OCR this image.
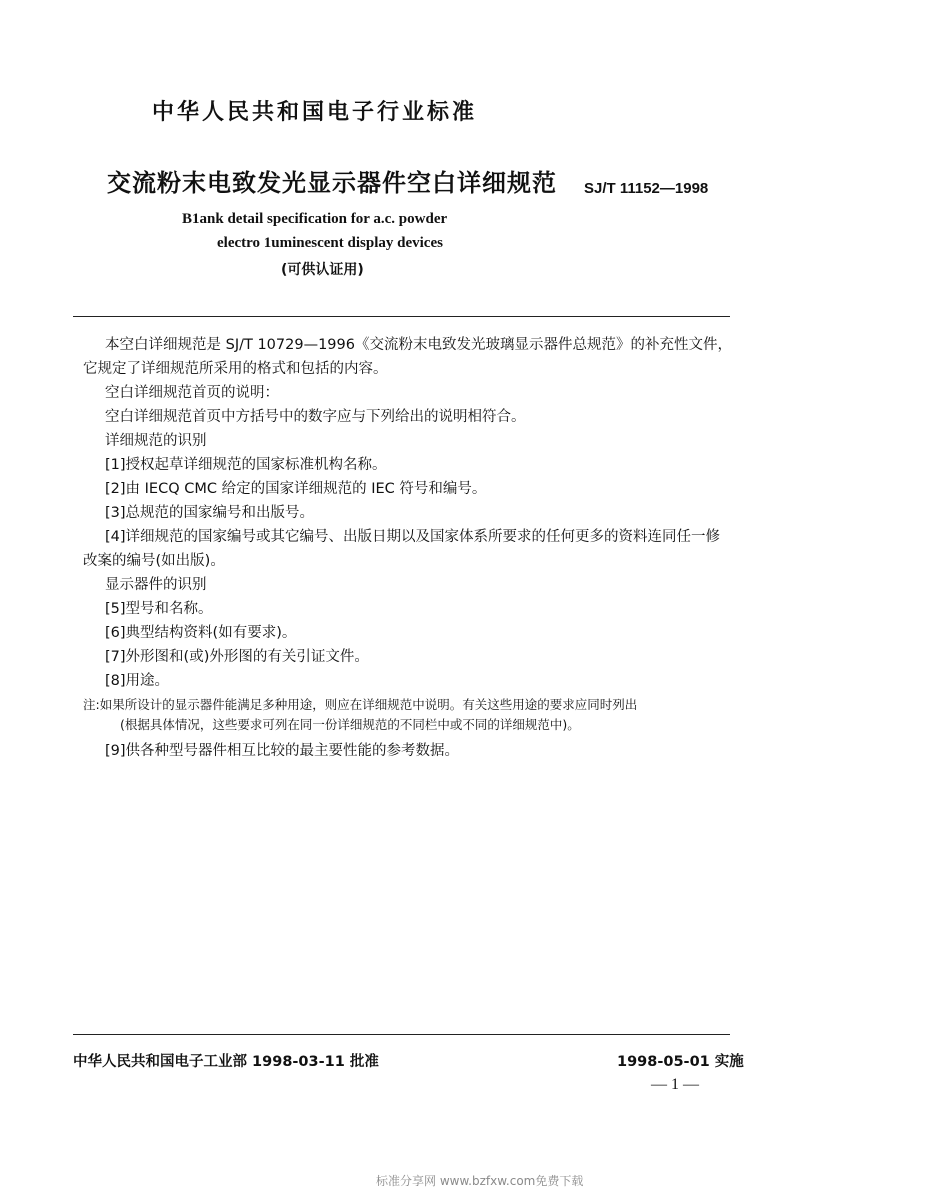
中华人民共和国电子行业标准
交流粉末电致发光显示器件空白详细规范 SJ/T 11152—1998
B1ank detail specification for a.c. powder
electro 1uminescent display devices
(可供认证用)

本空白详细规范是 SJ/T 10729—1996《交流粉末电致发光玻璃显示器件总规范》的补充性文件，它规定了详细规范所采用的格式和包括的内容。

空白详细规范首页的说明：

空白详细规范首页中方括号中的数字应与下列给出的说明相符合。

详细规范的识别

[1]授权起草详细规范的国家标准机构名称。

[2]由 IECQ CMC 给定的国家详细规范的 IEC 符号和编号。

[3]总规范的国家编号和出版号。

[4]详细规范的国家编号或其它编号、出版日期以及国家体系所要求的任何更多的资料连同任一修改案的编号(如出版)。

显示器件的识别

[5]型号和名称。

[6]典型结构资料(如有要求)。

[7]外形图和(或)外形图的有关引证文件。

[8]用途。

注:如果所设计的显示器件能满足多种用途，则应在详细规范中说明。有关这些用途的要求应同时列出

(根据具体情况，这些要求可列在同一份详细规范的不同栏中或不同的详细规范中)。

[9]供各种型号器件相互比较的最主要性能的参考数据。

中华人民共和国电子工业部 1998-03-11 批准	1998-05-01 实施
— 1 —
标准分享网 www.bzfxw.com免费下载
